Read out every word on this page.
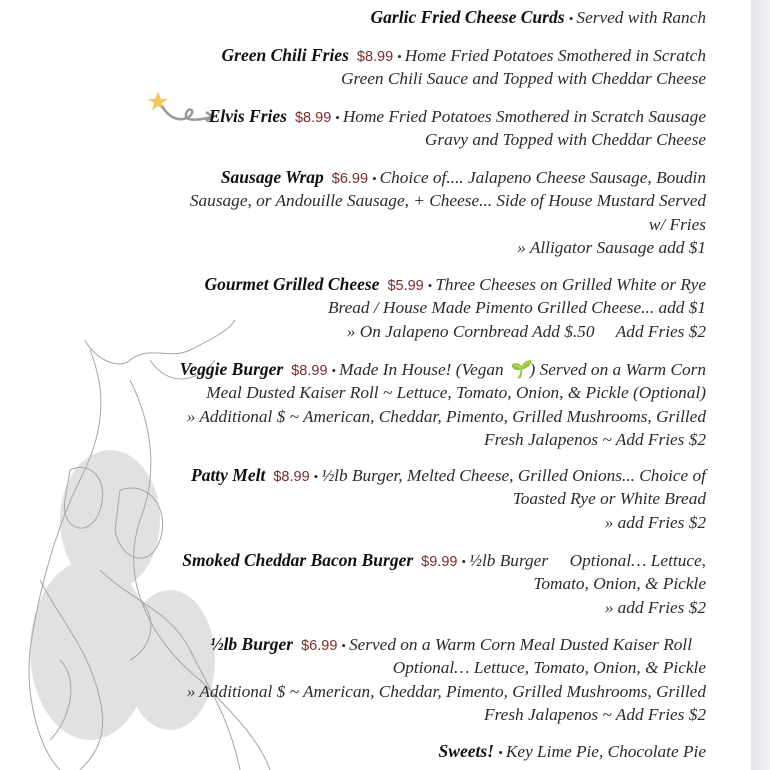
Garlic Fried Cheese Curds • Served with Ranch
Green Chili Fries $8.99 • Home Fried Potatoes Smothered in Scratch
Green Chili Sauce and Topped with Cheddar Cheese
Elvis Fries $8.99 • Home Fried Potatoes Smothered in Scratch Sausage
Gravy and Topped with Cheddar Cheese
Sausage Wrap $6.99 • Choice of.... Jalapeno Cheese Sausage, Boudin
Sausage, or Andouille Sausage, + Cheese... Side of House Mustard Served
w/ Fries
» Alligator Sausage add $1
Gourmet Grilled Cheese $5.99 • Three Cheeses on Grilled White or Rye
Bread / House Made Pimento Grilled Cheese... add $1
» On Jalapeno Cornbread Add $.50     Add Fries $2
Veggie Burger $8.99 • Made In House! (Vegan 🌱) Served on a Warm Corn
Meal Dusted Kaiser Roll ~ Lettuce, Tomato, Onion, & Pickle (Optional)
» Additional $ ~ American, Cheddar, Pimento, Grilled Mushrooms, Grilled
Fresh Jalapenos ~ Add Fries $2
Patty Melt $8.99 • ½lb Burger, Melted Cheese, Grilled Onions... Choice of
Toasted Rye or White Bread
» add Fries $2
Smoked Cheddar Bacon Burger $9.99 • ½lb Burger     Optional… Lettuce,
Tomato, Onion, & Pickle
» add Fries $2
½lb Burger $6.99 • Served on a Warm Corn Meal Dusted Kaiser Roll
Optional… Lettuce, Tomato, Onion, & Pickle
» Additional $ ~ American, Cheddar, Pimento, Grilled Mushrooms, Grilled
Fresh Jalapenos ~ Add Fries $2
Sweets! • Key Lime Pie, Chocolate Pie
